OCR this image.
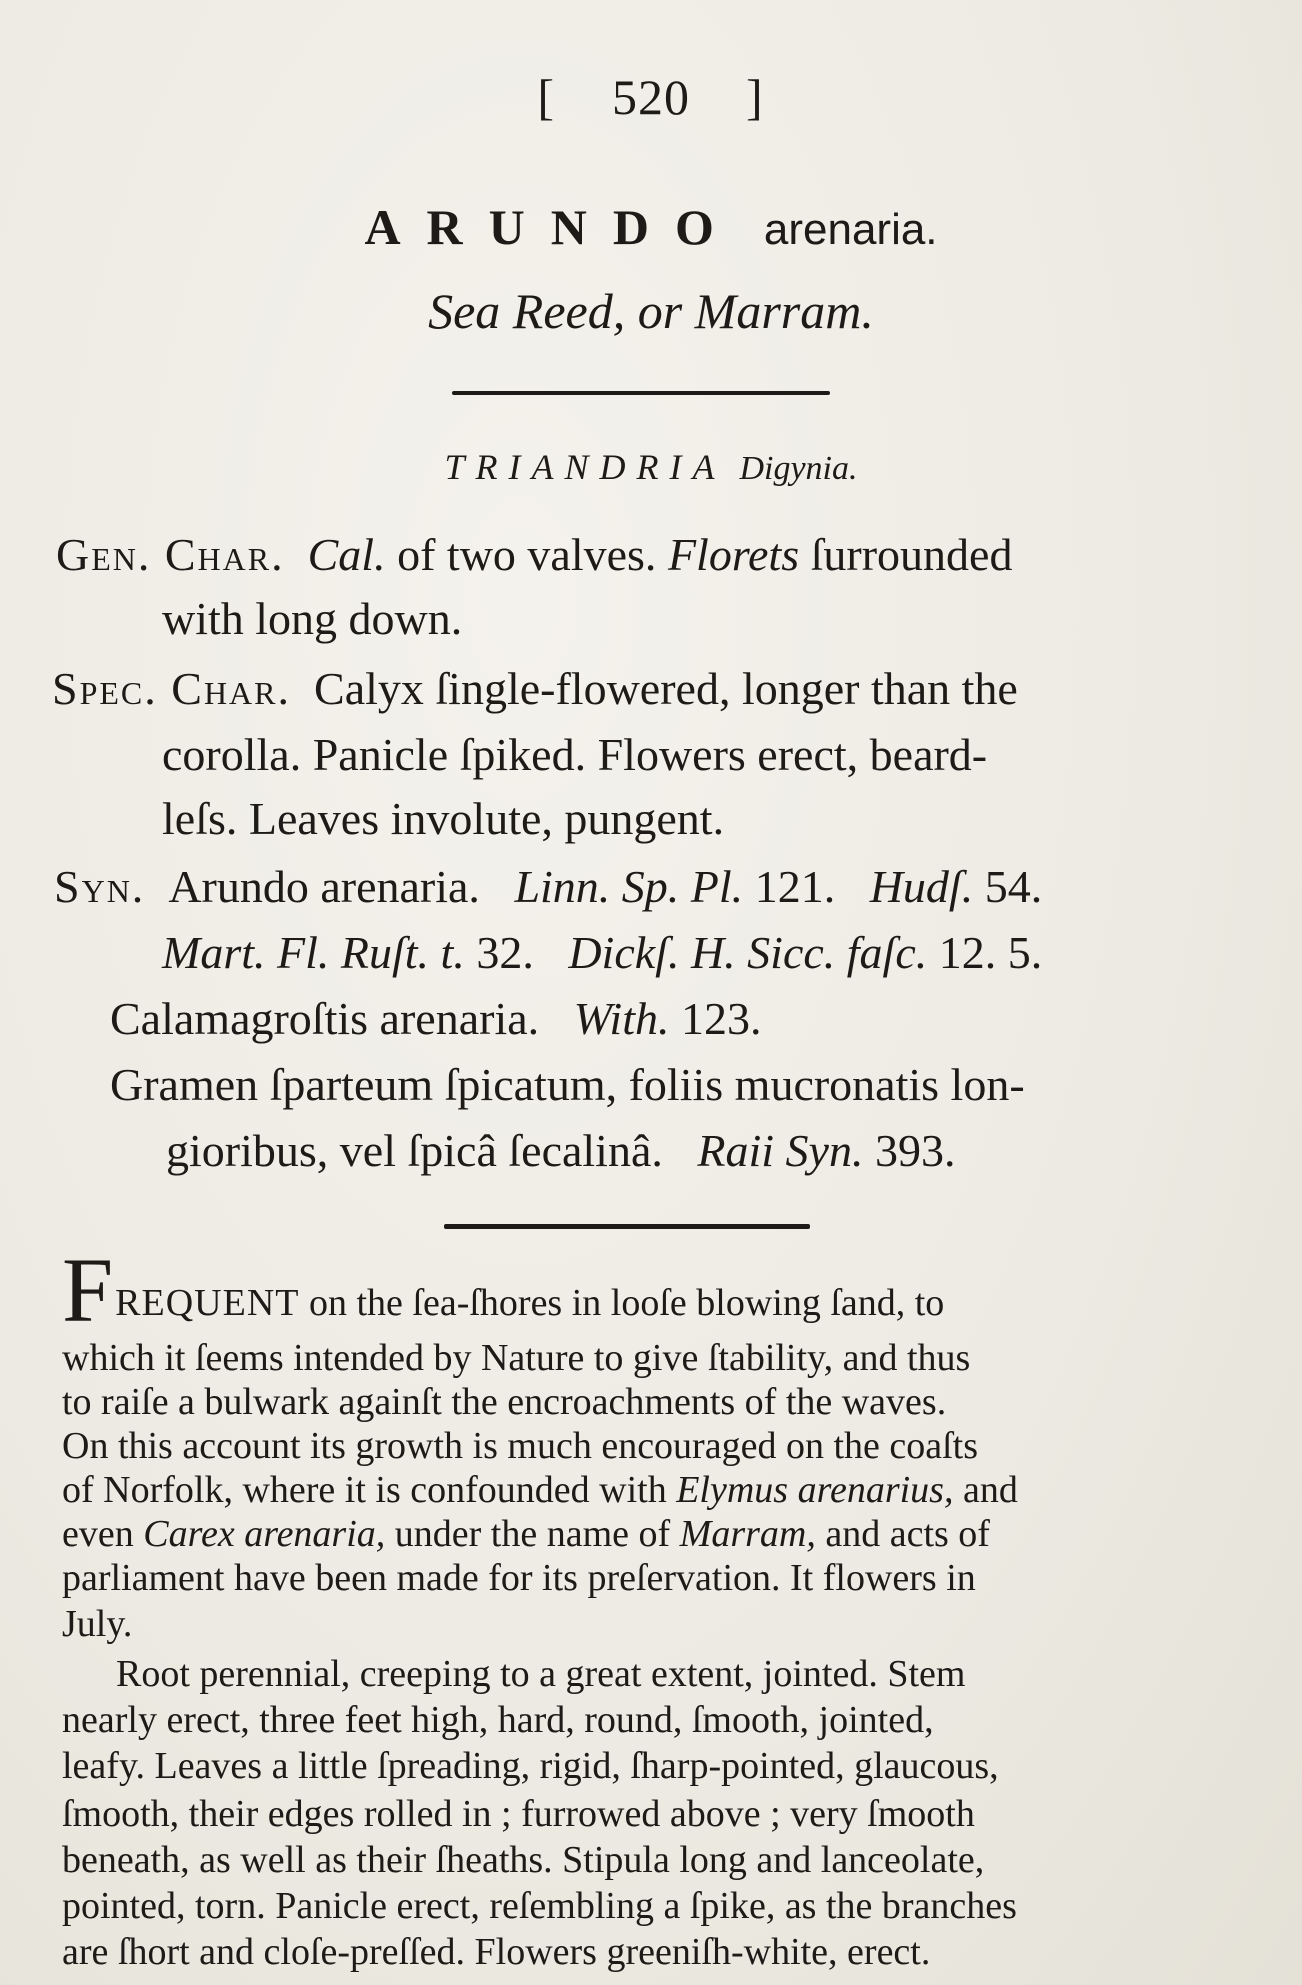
[ 520 ]
ARUNDO arenaria.
Sea Reed, or Marram.
TRIANDRIA Digynia.
Gen. Char. Cal. of two valves. Florets ſurrounded
with long down.
Spec. Char. Calyx ſingle-flowered, longer than the
corolla. Panicle ſpiked. Flowers erect, beard-
leſs. Leaves involute, pungent.
Syn. Arundo arenaria. Linn. Sp. Pl. 121. Hudſ. 54.
Mart. Fl. Ruſt. t. 32. Dickſ. H. Sicc. faſc. 12. 5.
Calamagroſtis arenaria. With. 123.
Gramen ſparteum ſpicatum, foliis mucronatis lon-
gioribus, vel ſpicâ ſecalinâ. Raii Syn. 393.
FREQUENT on the ſea-ſhores in looſe blowing ſand, to
which it ſeems intended by Nature to give ſtability, and thus
to raiſe a bulwark againſt the encroachments of the waves.
On this account its growth is much encouraged on the coaſts
of Norfolk, where it is confounded with Elymus arenarius, and
even Carex arenaria, under the name of Marram, and acts of
parliament have been made for its preſervation. It flowers in
July.
Root perennial, creeping to a great extent, jointed. Stem
nearly erect, three feet high, hard, round, ſmooth, jointed,
leafy. Leaves a little ſpreading, rigid, ſharp-pointed, glaucous,
ſmooth, their edges rolled in ; furrowed above ; very ſmooth
beneath, as well as their ſheaths. Stipula long and lanceolate,
pointed, torn. Panicle erect, reſembling a ſpike, as the branches
are ſhort and cloſe-preſſed. Flowers greeniſh-white, erect.
